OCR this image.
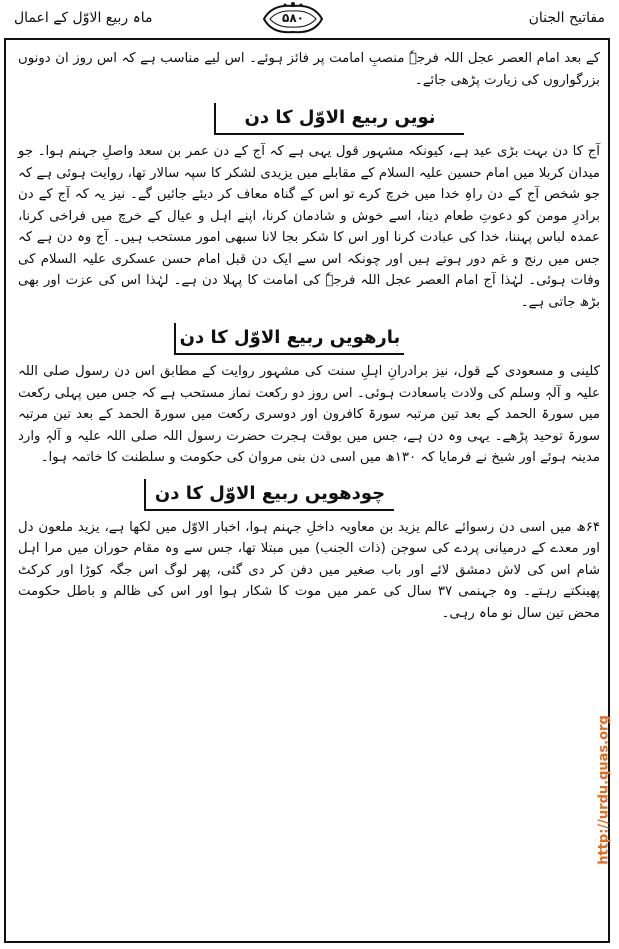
ماہ ربیع الاوّل کے اعمال	۵۸۰	مفاتیح الجنان

کے بعد امام العصر عجل اللہ فرجہٗ منصبِ امامت پر فائز ہوئے۔ اس لیے مناسب ہے کہ اس روز ان دونوں بزرگواروں کی زیارت پڑھی جائے۔

نویں ربیع الاوّل کا دن

آج کا دن بہت بڑی عید ہے، کیونکہ مشہور قول یہی ہے کہ آج کے دن عمر بن سعد واصلِ جہنم ہوا۔ جو میدان کربلا میں امام حسین علیہ السلام کے مقابلے میں یزیدی لشکر کا سپہ سالار تھا، روایت ہوئی ہے کہ جو شخص آج کے دن راہِ خدا میں خرچ کرے تو اس کے گناہ معاف کر دیئے جائیں گے۔ نیز یہ کہ آج کے دن برادرِ مومن کو دعوتِ طعام دینا، اسے خوش و شادمان کرنا، اپنے اہل و عیال کے خرچ میں فراخی کرنا، عمدہ لباس پہننا، خدا کی عبادت کرنا اور اس کا شکر بجا لانا سبھی امور مستحب ہیں۔ آج وہ دن ہے کہ جس میں رنج و غم دور ہوتے ہیں اور چونکہ اس سے ایک دن قبل امام حسن عسکری علیہ السلام کی وفات ہوئی۔ لہٰذا آج امام العصر عجل اللہ فرجہٗ کی امامت کا پہلا دن ہے۔ لہٰذا اس کی عزت اور بھی بڑھ جاتی ہے۔

بارھویں ربیع الاوّل کا دن

کلینی و مسعودی کے قول، نیز برادرانِ اہلِ سنت کی مشہور روایت کے مطابق اس دن رسول صلی اللہ علیہ و آلہٖ وسلم کی ولادت باسعادت ہوئی۔ اس روز دو رکعت نماز مستحب ہے کہ جس میں پہلی رکعت میں سورۃ الحمد کے بعد تین مرتبہ سورۃ کافرون اور دوسری رکعت میں سورۃ الحمد کے بعد تین مرتبہ سورۃ توحید پڑھے۔ یہی وہ دن ہے، جس میں بوقت ہجرت حضرت رسول اللہ صلی اللہ علیہ و آلہٖ وارد مدینہ ہوئے اور شیخ نے فرمایا کہ ۱۳۰ھ میں اسی دن بنی مروان کی حکومت و سلطنت کا خاتمہ ہوا۔

چودھویں ربیع الاوّل کا دن

۶۴ھ میں اسی دن رسوائے عالم یزید بن معاویہ داخلِ جہنم ہوا، اخبار الاوّل میں لکھا ہے، یزید ملعون دل اور معدے کے درمیانی پردے کی سوجن (ذات الجنب) میں مبتلا تھا، جس سے وہ مقام حوران میں مرا اہل شام اس کی لاش دمشق لائے اور باب صغیر میں دفن کر دی گئی، پھر لوگ اس جگہ کوڑا اور کرکٹ پھینکتے رہتے۔ وہ جہنمی ۳۷ سال کی عمر میں موت کا شکار ہوا اور اس کی ظالم و باطل حکومت محض تین سال نو ماہ رہی۔

http://urdu.quas.org
